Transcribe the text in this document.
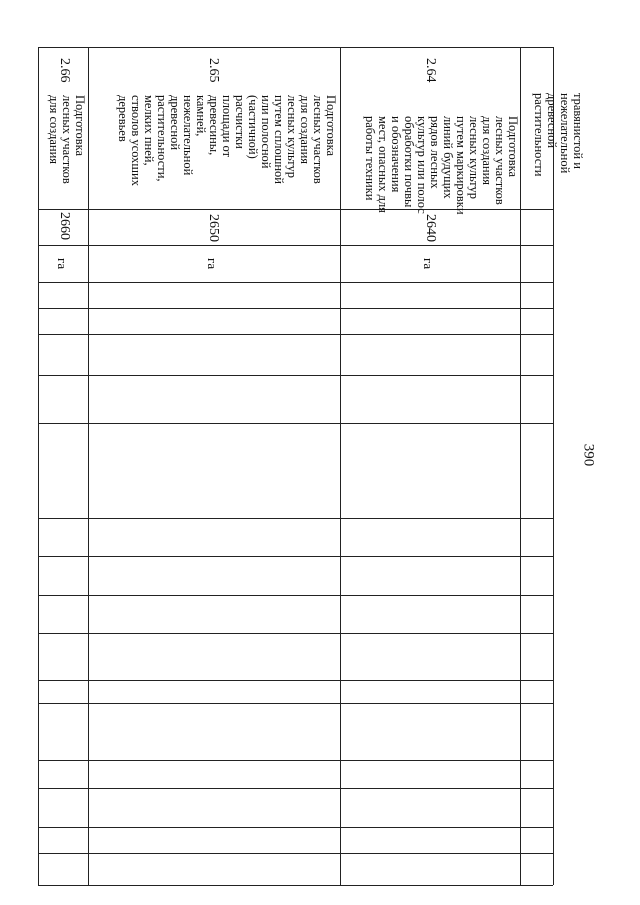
390
травянистой и
нежелательной
древесной
растительности
2.64
Подготовка
лесных участков
для создания
лесных культур
путем маркировки
линий будущих
рядов лесных
культур или полос
обработки почвы
и обозначения
мест, опасных для
работы техники
2640
га
2.65
Подготовка
лесных участков
для создания
лесных культур
путем сплошной
или полосной
(частичной)
расчистки
площади от
древесины,
камней,
нежелательной
древесной
растительности,
мелких пней,
стволов усохших
деревьев
2650
га
2.66
Подготовка
лесных участков
для создания
2660
га
